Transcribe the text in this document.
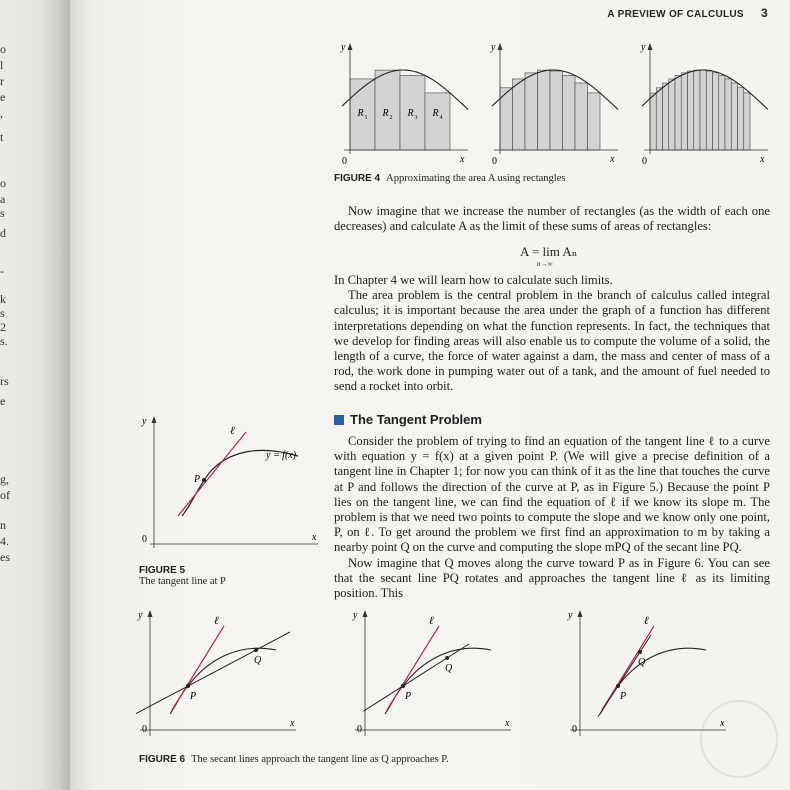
o
l
r
e
,
t
o
a
s
d
-
k
s
2
s.
rs
e
g,
of
n
4.
es
A PREVIEW OF CALCULUS 3
y
0	x
R 1 R 2 R 3 R 4
y
0	x
y
0	x
FIGURE 4 Approximating the area A using rectangles

Now imagine that we increase the number of rectangles (as the width of each one decreases) and calculate A as the limit of these sums of areas of rectangles:

A = lim Aₙ
n→∞

In Chapter 4 we will learn how to calculate such limits.

The area problem is the central problem in the branch of calculus called integral calculus; it is important because the area under the graph of a function has different interpretations depending on what the function represents. In fact, the techniques that we develop for finding areas will also enable us to compute the volume of a solid, the length of a curve, the force of water against a dam, the mass and center of mass of a rod, the work done in pumping water out of a tank, and the amount of fuel needed to send a rocket into orbit.

The Tangent Problem

Consider the problem of trying to find an equation of the tangent line ℓ to a curve with equation y = f(x) at a given point P. (We will give a precise definition of a tangent line in Chapter 1; for now you can think of it as the line that touches the curve at P and follows the direction of the curve at P, as in Figure 5.) Because the point P lies on the tangent line, we can find the equation of ℓ if we know its slope m. The problem is that we need two points to compute the slope and we know only one point, P, on ℓ. To get around the problem we first find an approximation to m by taking a nearby point Q on the curve and computing the slope mPQ of the secant line PQ.

Now imagine that Q moves along the curve toward P as in Figure 6. You can see that the secant line PQ rotates and approaches the tangent line ℓ as its limiting position. This

y
0	x
P
ℓ
y = f(x)
FIGURE 5
The tangent line at P
y
0
x
P
Q
ℓ	y
0
x
P
Q
ℓ	y
0
x
P
Q
ℓ
FIGURE 6 The secant lines approach the tangent line as Q approaches P.
